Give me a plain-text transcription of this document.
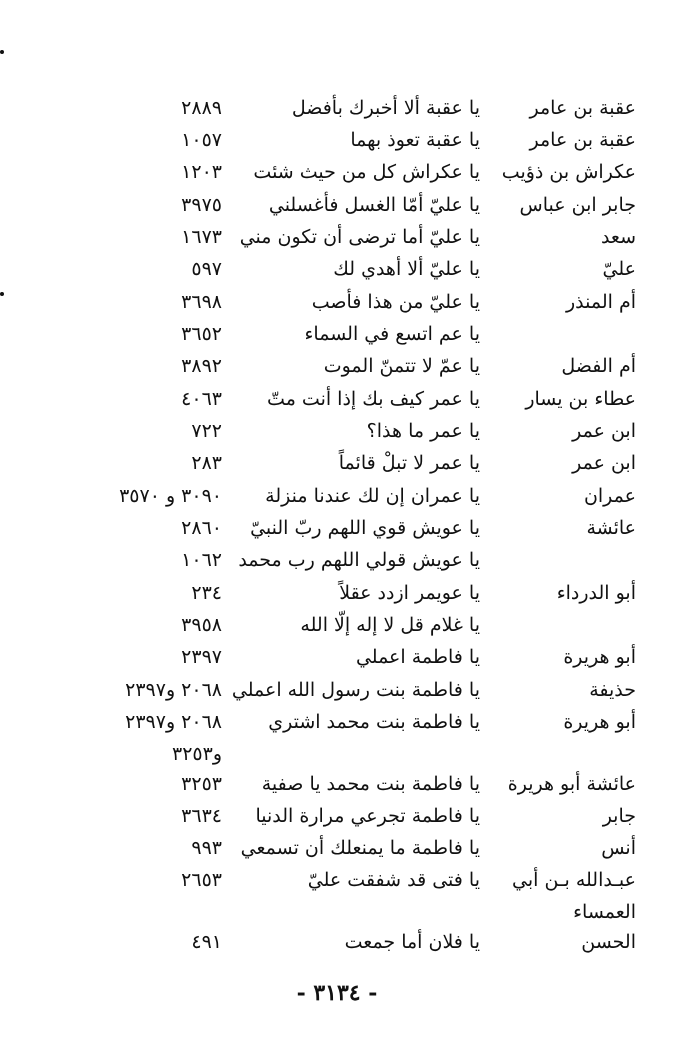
عقبة بن عامر
يا عقبة ألا أخبرك بأفضل
٢٨٨٩
عقبة بن عامر
يا عقبة تعوذ بهما
١٠٥٧
عكراش بن ذؤيب
يا عكراش كل من حيث شئت
١٢٠٣
جابر ابن عباس
يا عليّ أمّا الغسل فأغسلني
٣٩٧٥
سعد
يا عليّ أما ترضى أن تكون مني
١٦٧٣
عليّ
يا عليّ ألا أهدي لك
٥٩٧
أم المنذر
يا عليّ من هذا فأصب
٣٦٩٨
يا عم اتسع في السماء
٣٦٥٢
أم الفضل
يا عمّ لا تتمنّ الموت
٣٨٩٢
عطاء بن يسار
يا عمر كيف بك إذا أنت متّ
٤٠٦٣
ابن عمر
يا عمر ما هذا؟
٧٢٢
ابن عمر
يا عمر لا تبلْ قائماً
٢٨٣
عمران
يا عمران إن لك عندنا منزلة
٣٠٩٠ و ٣٥٧٠
عائشة
يا عويش قوي اللهم ربّ النبيّ
٢٨٦٠
يا عويش قولي اللهم رب محمد
١٠٦٢
أبو الدرداء
يا عويمر ازدد عقلاً
٢٣٤
يا غلام قل لا إله إلّا الله
٣٩٥٨
أبو هريرة
يا فاطمة اعملي
٢٣٩٧
حذيفة
يا فاطمة بنت رسول الله اعملي
٢٠٦٨ و٢٣٩٧
أبو هريرة
يا فاطمة بنت محمد اشتري
٢٠٦٨ و٢٣٩٧
و٣٢٥٣
عائشة أبو هريرة
يا فاطمة بنت محمد يا صفية
٣٢٥٣
جابر
يا فاطمة تجرعي مرارة الدنيا
٣٦٣٤
أنس
يا فاطمة ما يمنعلك أن تسمعي
٩٩٣
عبـدالله بـن أبي
يا فتى قد شفقت عليّ
٢٦٥٣
العمساء
الحسن
يا فلان أما جمعت
٤٩١
- ٣١٣٤ -
